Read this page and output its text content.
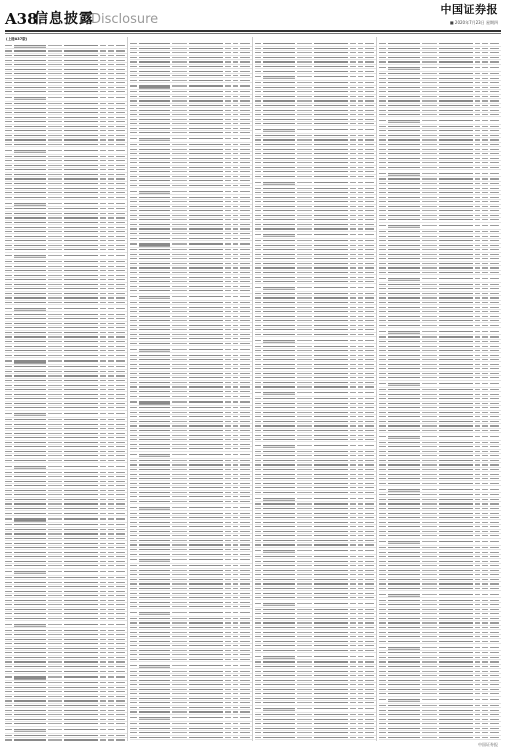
A38
信息披露
Disclosure
中国证券报
■ 2020年7月23日 星期四
(上接A37版)
中国证券报
